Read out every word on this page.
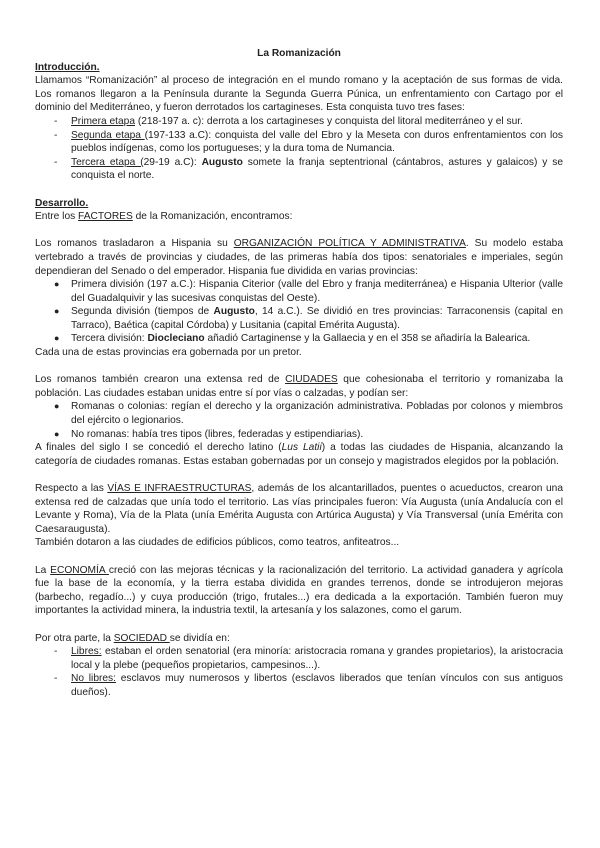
La Romanización
Introducción.

Llamamos “Romanización” al proceso de integración en el mundo romano y la aceptación de sus formas de vida. Los romanos llegaron a la Península durante la Segunda Guerra Púnica, un enfrentamiento con Cartago por el dominio del Mediterráneo, y fueron derrotados los cartagineses. Esta conquista tuvo tres fases:

- Primera etapa (218-197 a. c): derrota a los cartagineses y conquista del litoral mediterráneo y el sur.
- Segunda etapa (197-133 a.C): conquista del valle del Ebro y la Meseta con duros enfrentamientos con los pueblos indígenas, como los portugueses; y la dura toma de Numancia.
- Tercera etapa (29-19 a.C): Augusto somete la franja septentrional (cántabros, astures y galaicos) y se conquista el norte.
Desarrollo.

Entre los FACTORES de la Romanización, encontramos:

Los romanos trasladaron a Hispania su ORGANIZACIÓN POLÍTICA Y ADMINISTRATIVA. Su modelo estaba vertebrado a través de provincias y ciudades, de las primeras había dos tipos: senatoriales e imperiales, según dependieran del Senado o del emperador. Hispania fue dividida en varias provincias:

● Primera división (197 a.C.): Hispania Citerior (valle del Ebro y franja mediterránea) e Hispania Ulterior (valle del Guadalquivir y las sucesivas conquistas del Oeste).
● Segunda división (tiempos de Augusto, 14 a.C.). Se dividió en tres provincias: Tarraconensis (capital en Tarraco), Baética (capital Córdoba) y Lusitania (capital Emérita Augusta).
● Tercera división: Diocleciano añadió Cartaginense y la Gallaecia y en el 358 se añadiría la Balearica.

Cada una de estas provincias era gobernada por un pretor.

Los romanos también crearon una extensa red de CIUDADES que cohesionaba el territorio y romanizaba la población. Las ciudades estaban unidas entre sí por vías o calzadas, y podían ser:

● Romanas o colonias: regían el derecho y la organización administrativa. Pobladas por colonos y miembros del ejército o legionarios.
● No romanas: había tres tipos (libres, federadas y estipendiarias).

A finales del siglo I se concedió el derecho latino (Lus Latii) a todas las ciudades de Hispania, alcanzando la categoría de ciudades romanas. Estas estaban gobernadas por un consejo y magistrados elegidos por la población.

Respecto a las VÍAS E INFRAESTRUCTURAS, además de los alcantarillados, puentes o acueductos, crearon una extensa red de calzadas que unía todo el territorio. Las vías principales fueron: Vía Augusta (unía Andalucía con el Levante y Roma), Vía de la Plata (unía Emérita Augusta con Artúrica Augusta) y Vía Transversal (unía Emérita con Caesaraugusta).

También dotaron a las ciudades de edificios públicos, como teatros, anfiteatros...

La ECONOMÍA creció con las mejoras técnicas y la racionalización del territorio. La actividad ganadera y agrícola fue la base de la economía, y la tierra estaba dividida en grandes terrenos, donde se introdujeron mejoras (barbecho, regadío...) y cuya producción (trigo, frutales...) era dedicada a la exportación. También fueron muy importantes la actividad minera, la industria textil, la artesanía y los salazones, como el garum.

Por otra parte, la SOCIEDAD se dividía en:

- Libres: estaban el orden senatorial (era minoría: aristocracia romana y grandes propietarios), la aristocracia local y la plebe (pequeños propietarios, campesinos...).
- No libres: esclavos muy numerosos y libertos (esclavos liberados que tenían vínculos con sus antiguos dueños).
